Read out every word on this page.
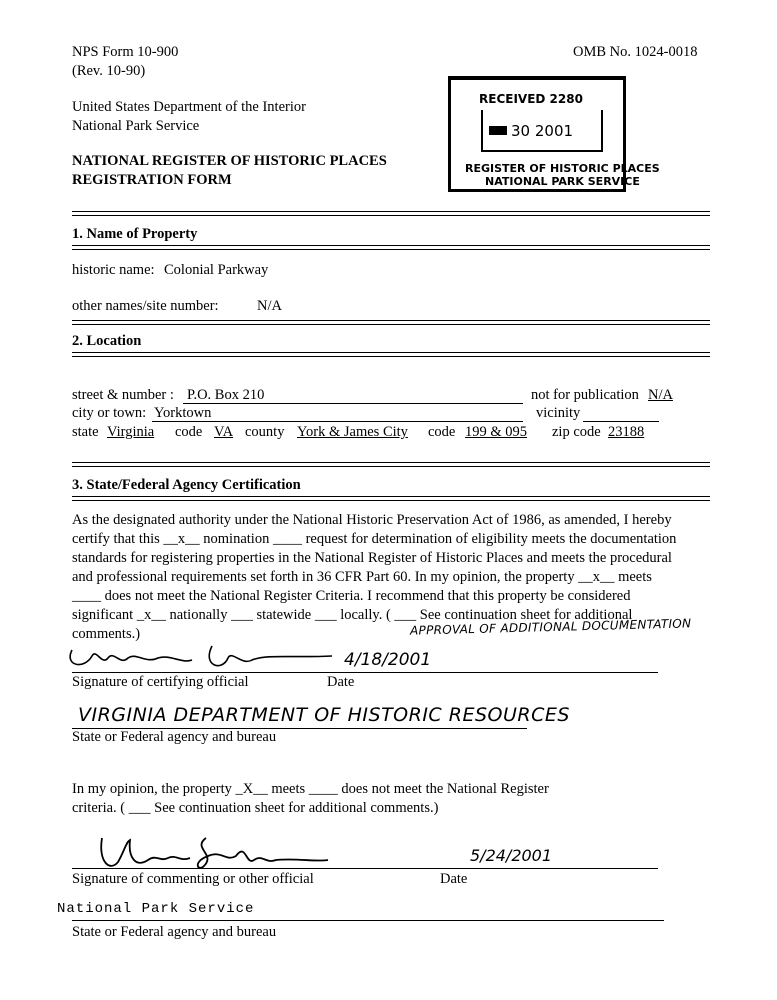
NPS Form 10-900
(Rev. 10-90)
OMB No. 1024-0018
United States Department of the Interior
National Park Service
NATIONAL REGISTER OF HISTORIC PLACES
REGISTRATION FORM
RECEIVED 2280
30 2001
REGISTER OF HISTORIC PLACES
NATIONAL PARK SERVICE
1. Name of Property
historic name: Colonial Parkway
other names/site number:	N/A
2. Location
street & number : P.O. Box 210	not for publication N/A
city or town: Yorktown	vicinity
state Virginia code VA county York & James City code 199 & 095 zip code 23188
3. State/Federal Agency Certification
As the designated authority under the National Historic Preservation Act of 1986, as amended, I hereby
certify that this __x__ nomination ____ request for determination of eligibility meets the documentation
standards for registering properties in the National Register of Historic Places and meets the procedural
and professional requirements set forth in 36 CFR Part 60. In my opinion, the property __x__ meets
____ does not meet the National Register Criteria. I recommend that this property be considered
significant _x__ nationally ___ statewide ___ locally. ( ___ See continuation sheet for additional
comments.)	APPROVAL OF ADDITIONAL DOCUMENTATION
4/18/2001
Signature of certifying official	Date
VIRGINIA DEPARTMENT OF HISTORIC RESOURCES
State or Federal agency and bureau
In my opinion, the property _X__ meets ____ does not meet the National Register
criteria. ( ___ See continuation sheet for additional comments.)
5/24/2001
Signature of commenting or other official	Date
National Park Service
State or Federal agency and bureau
